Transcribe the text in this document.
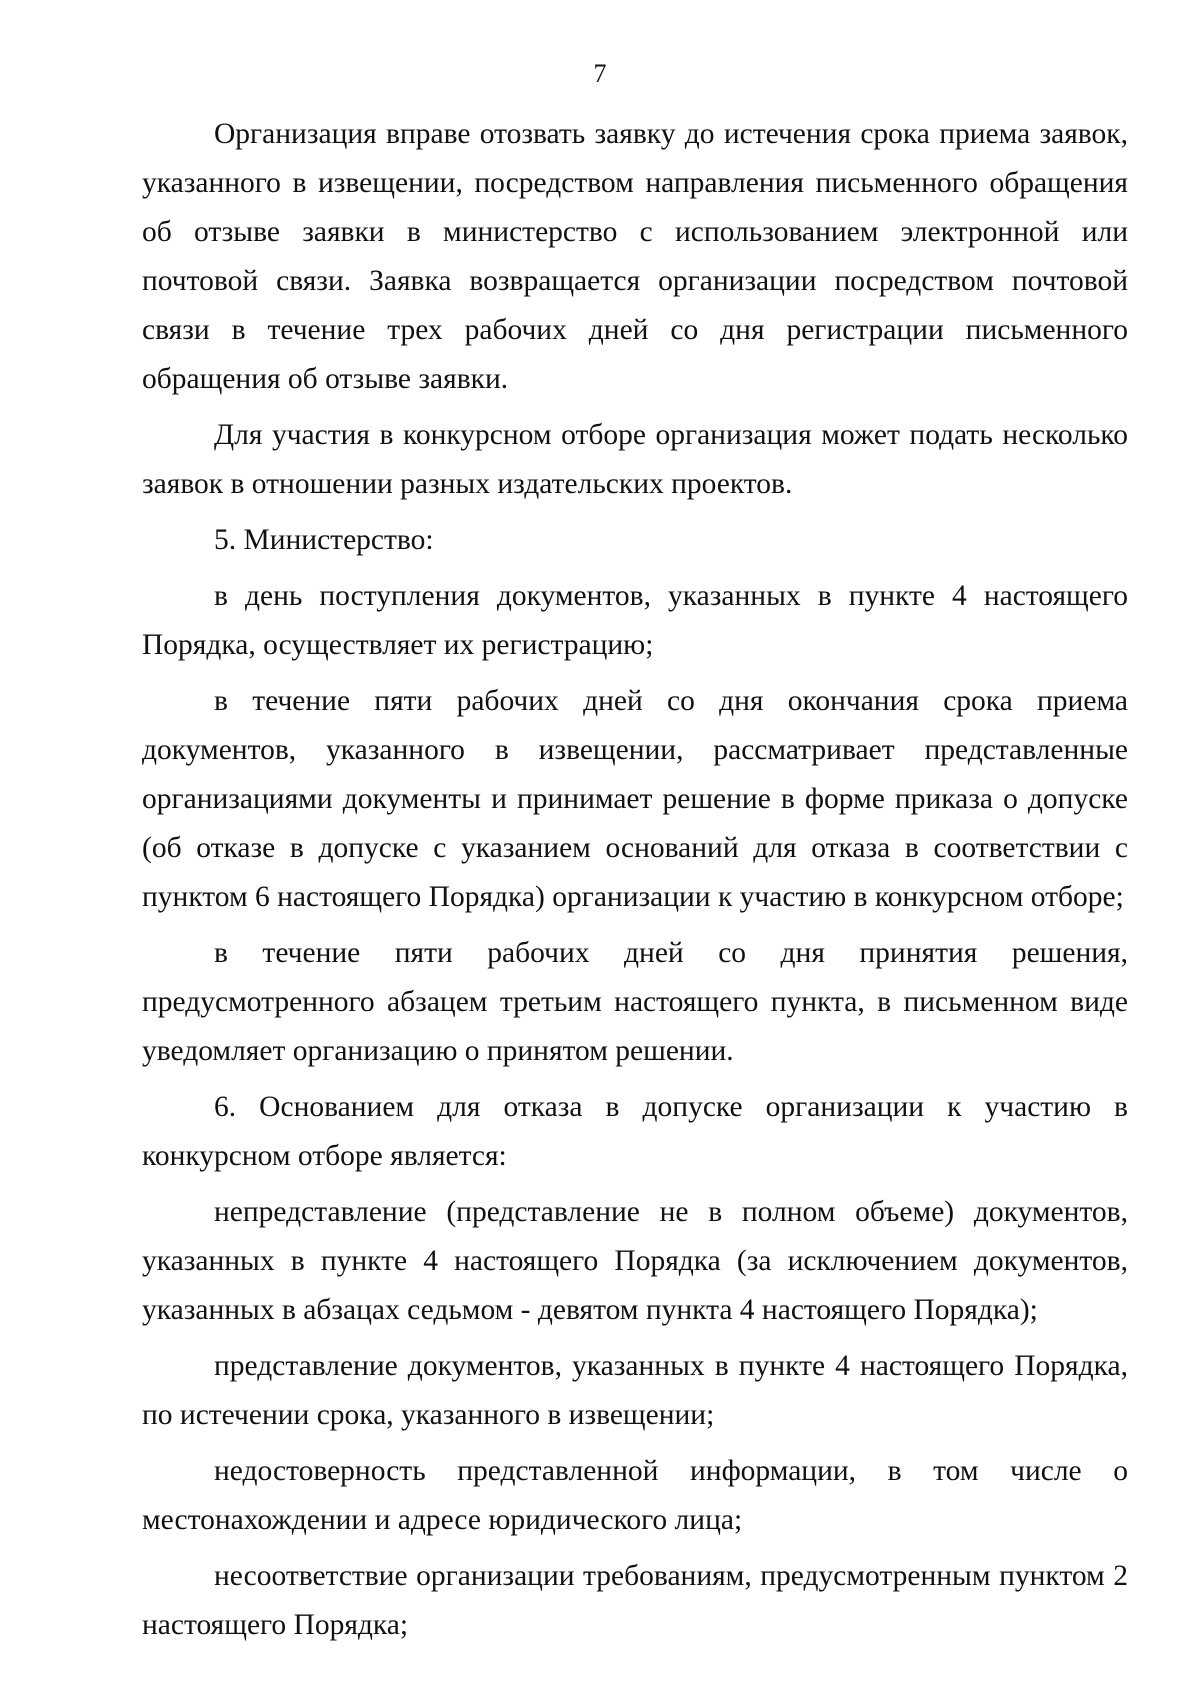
7

Организация вправе отозвать заявку до истечения срока приема заявок, указанного в извещении, посредством направления письменного обращения об отзыве заявки в министерство с использованием электронной или почтовой связи. Заявка возвращается организации посредством почтовой связи в течение трех рабочих дней со дня регистрации письменного обращения об отзыве заявки.

Для участия в конкурсном отборе организация может подать несколько заявок в отношении разных издательских проектов.

5. Министерство:

в день поступления документов, указанных в пункте 4 настоящего Порядка, осуществляет их регистрацию;

в течение пяти рабочих дней со дня окончания срока приема документов, указанного в извещении, рассматривает представленные организациями документы и принимает решение в форме приказа о допуске (об отказе в допуске с указанием оснований для отказа в соответствии с пунктом 6 настоящего Порядка) организации к участию в конкурсном отборе;

в течение пяти рабочих дней со дня принятия решения, предусмотренного абзацем третьим настоящего пункта, в письменном виде уведомляет организацию о принятом решении.

6. Основанием для отказа в допуске организации к участию в конкурсном отборе является:

непредставление (представление не в полном объеме) документов, указанных в пункте 4 настоящего Порядка (за исключением документов, указанных в абзацах седьмом - девятом пункта 4 настоящего Порядка);

представление документов, указанных в пункте 4 настоящего Порядка, по истечении срока, указанного в извещении;

недостоверность представленной информации, в том числе о местонахождении и адресе юридического лица;

несоответствие организации требованиям, предусмотренным пунктом 2 настоящего Порядка;
